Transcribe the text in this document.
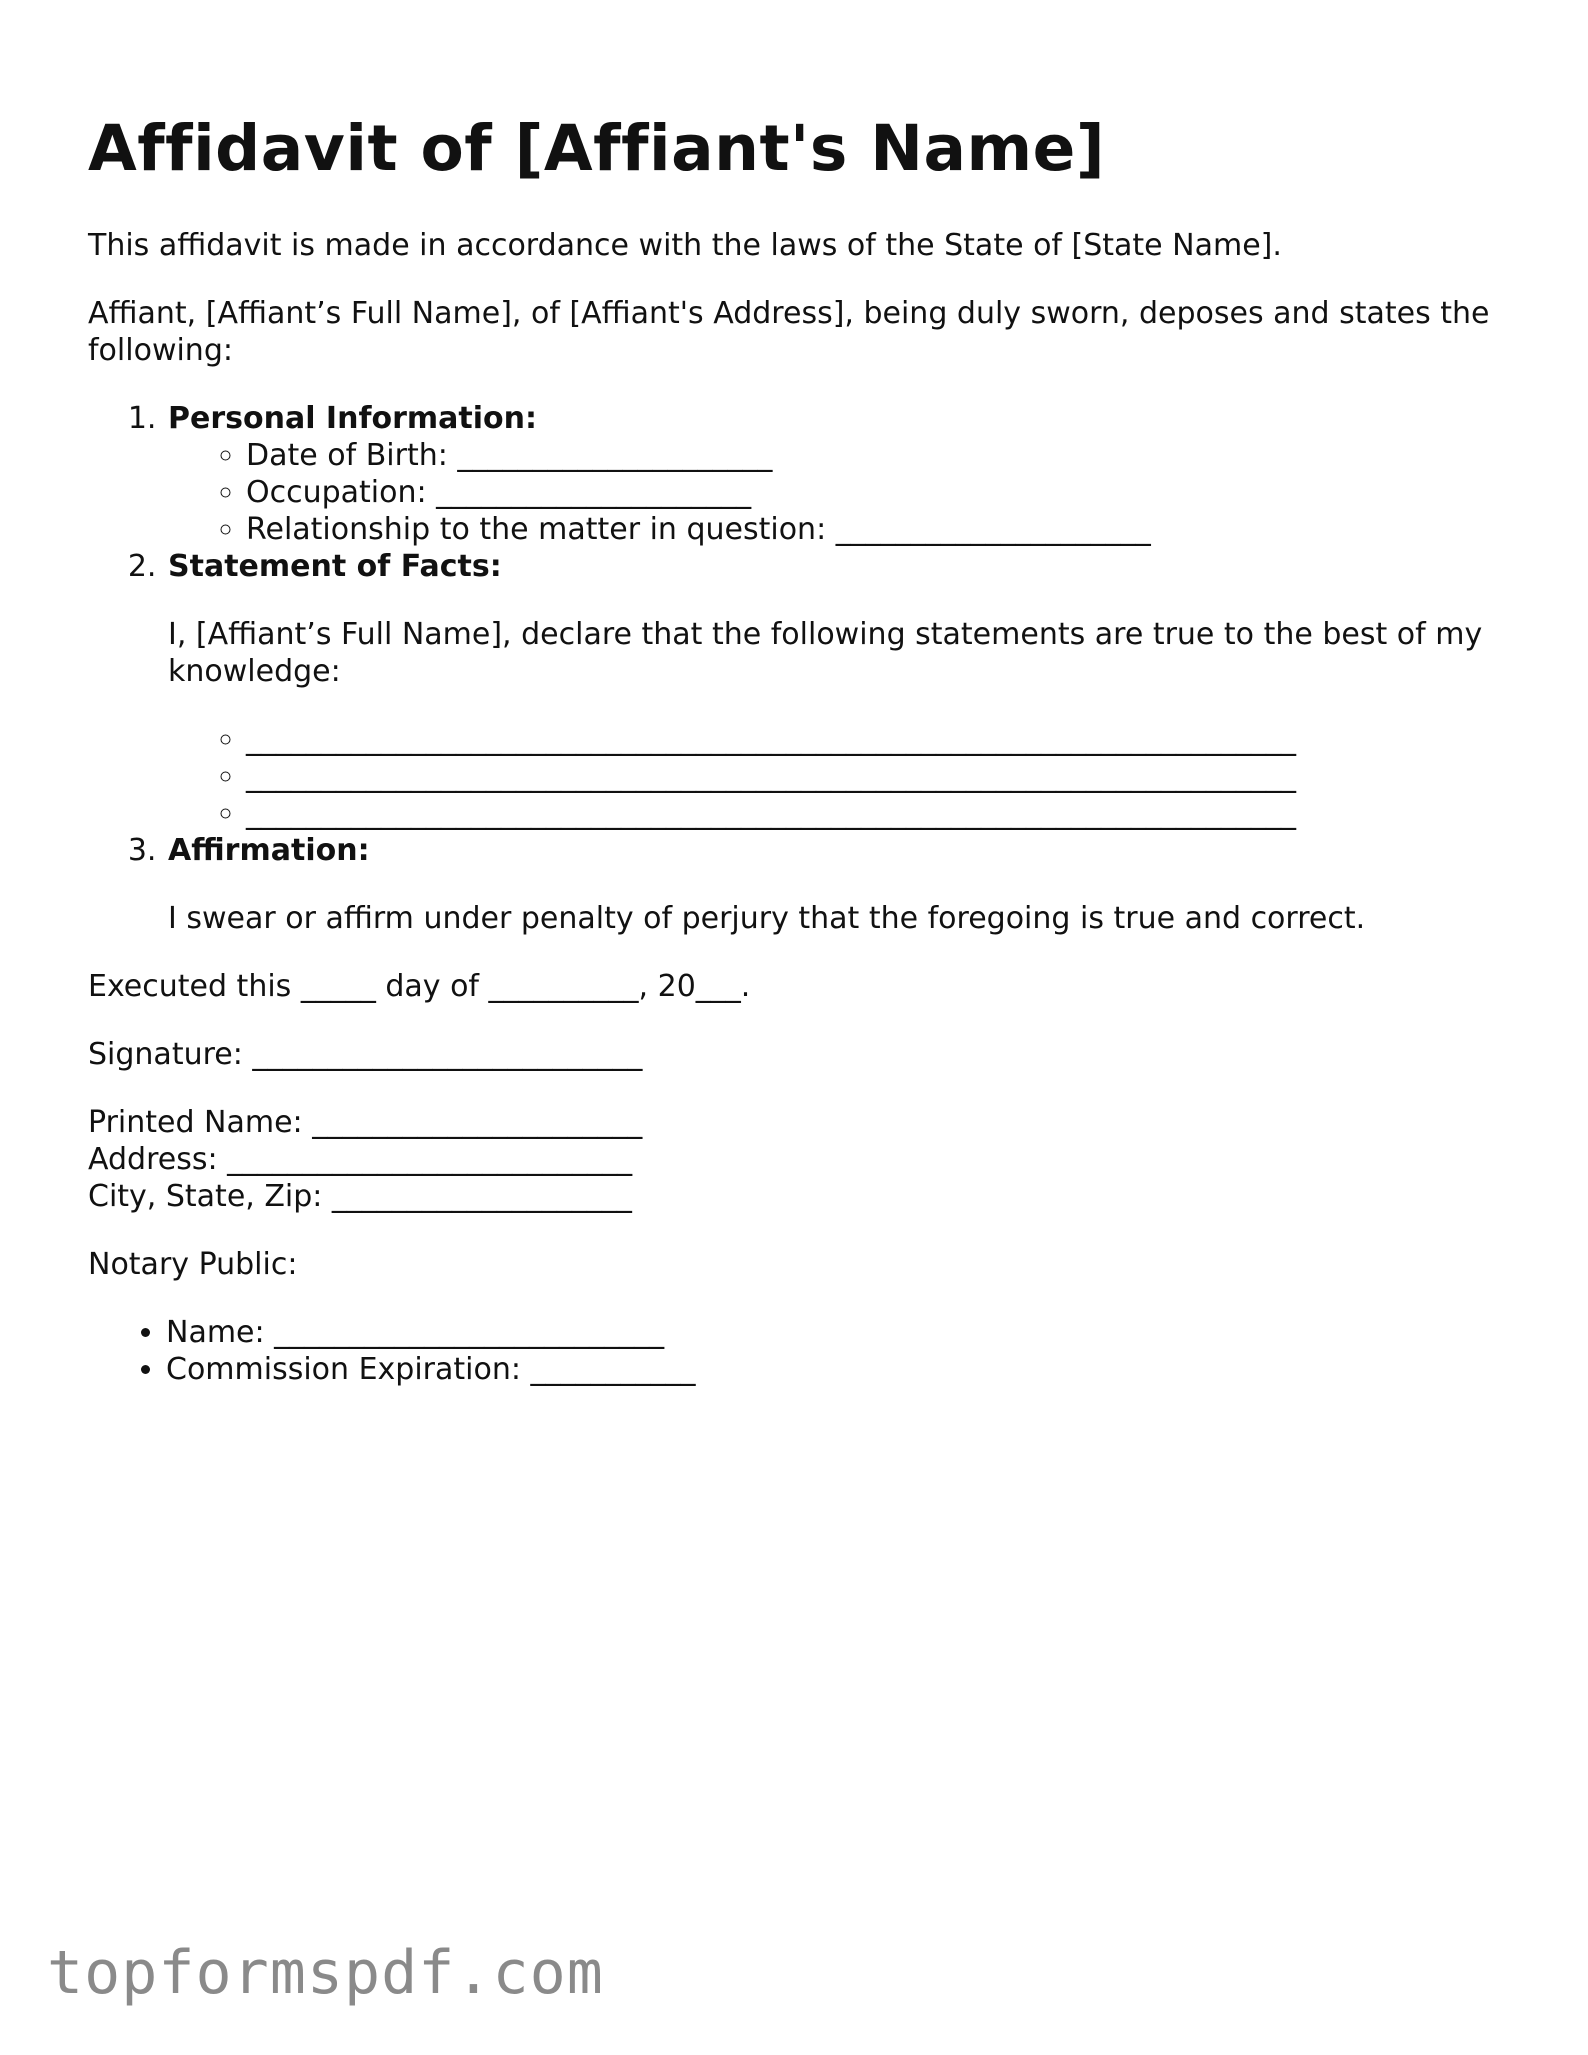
Affidavit of [Affiant's Name]

This affidavit is made in accordance with the laws of the State of [State Name].

Affiant, [Affiant’s Full Name], of [Affiant's Address], being duly sworn, deposes and states the following:

1. Personal Information:
◦ Date of Birth: _____________________
◦ Occupation: _____________________
◦ Relationship to the matter in question: _____________________
2. Statement of Facts:

I, [Affiant’s Full Name], declare that the following statements are true to the best of my knowledge:

◦ ______________________________________________________________________
◦ ______________________________________________________________________
◦ ______________________________________________________________________
3. Affirmation:

I swear or affirm under penalty of perjury that the foregoing is true and correct.

Executed this _____ day of __________, 20___.

Signature: __________________________

Printed Name: ______________________
Address: ___________________________
City, State, Zip: ____________________

Notary Public:

• Name: __________________________
• Commission Expiration: ___________
topformspdf.com
